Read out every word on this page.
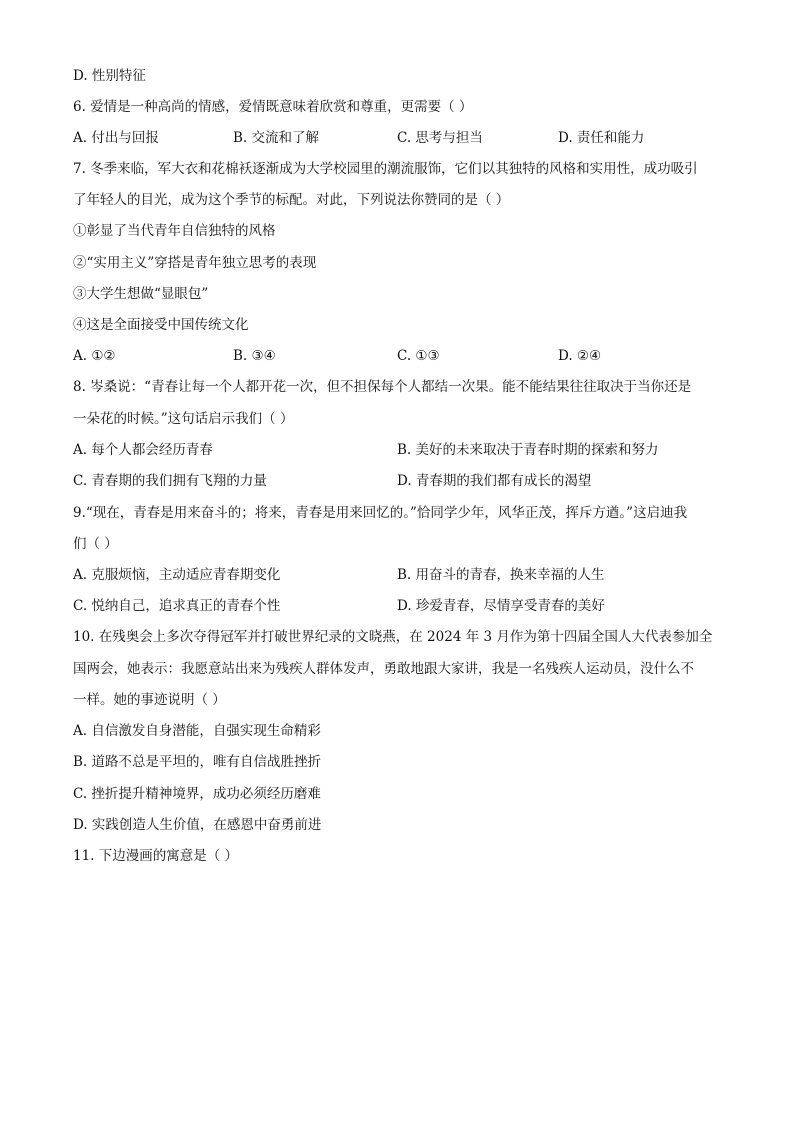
D. 性别特征
6. 爱情是一种高尚的情感，爱情既意味着欣赏和尊重，更需要（ ）
A. 付出与回报	B. 交流和了解	C. 思考与担当	D. 责任和能力
7. 冬季来临，军大衣和花棉袄逐渐成为大学校园里的潮流服饰，它们以其独特的风格和实用性，成功吸引
了年轻人的目光，成为这个季节的标配。对此，下列说法你赞同的是（ ）
①彰显了当代青年自信独特的风格
②“实用主义”穿搭是青年独立思考的表现
③大学生想做“显眼包”
④这是全面接受中国传统文化
A. ①②	B. ③④	C. ①③	D. ②④
8. 岑桑说：“青春让每一个人都开花一次，但不担保每个人都结一次果。能不能结果往往取决于当你还是
一朵花的时候。”这句话启示我们（ ）
A. 每个人都会经历青春	B. 美好的未来取决于青春时期的探索和努力
C. 青春期的我们拥有飞翔的力量	D. 青春期的我们都有成长的渴望
9.“现在，青春是用来奋斗的；将来，青春是用来回忆的。”恰同学少年，风华正茂，挥斥方遒。”这启迪我
们（ ）
A. 克服烦恼，主动适应青春期变化	B. 用奋斗的青春，换来幸福的人生
C. 悦纳自己，追求真正的青春个性	D. 珍爱青春，尽情享受青春的美好
10. 在残奥会上多次夺得冠军并打破世界纪录的文晓燕，在 2024 年 3 月作为第十四届全国人大代表参加全
国两会，她表示：我愿意站出来为残疾人群体发声，勇敢地跟大家讲，我是一名残疾人运动员，没什么不
一样。她的事迹说明（ ）
A. 自信激发自身潜能，自强实现生命精彩
B. 道路不总是平坦的，唯有自信战胜挫折
C. 挫折提升精神境界，成功必须经历磨难
D. 实践创造人生价值，在感恩中奋勇前进
11. 下边漫画的寓意是（ ）
